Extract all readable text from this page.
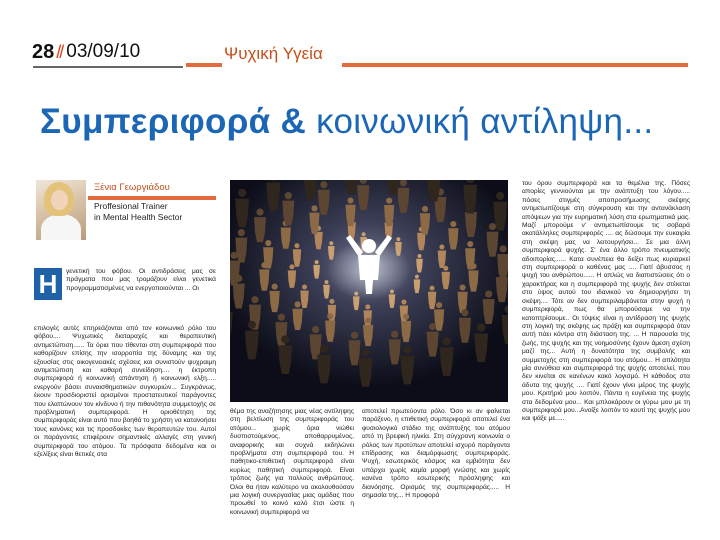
28 // 03/09/10	Ψυχική Υγεία
Συμπεριφορά & κοινωνική αντίληψη...
Ξένια Γεωργιάδου
Proffesional Trainer
in Mental Health Sector
Η	γενετική του φόβου. Οι αντιδράσεις μας σε πράγματα που μας τρομάζουν είναι γενετικά προγραμματισμένες να ενεργοποιούνται ... Οι

επιλογές αυτές επηρεάζονται από τον κοινωνικό ρόλο του φόβου.... Ψυχωτικές διαταραχές και θεραπευτική αντιμετώπιση...... Τα όρια που τίθενται στη συμπεριφορά που καθορίζουν επίσης την ισορροπία της δύναμης και της εξουσίας στις οικογενειακές σχέσεις και συνιστούν ψυχραιμη αντιμετώπιση και καθαρή συνείδηση.... η έκτροπη συμπεριφορά ή κοινωνική απάντηση ή κοινωνική ελξη..... ενεργούν βάσει συναισθηματικών συγκυριών... Συγκράνως, έκουν προσδιοριστεί ορισμένοι προστατευτικοί παράγοντες που ελαττώνουν τον κίνδυνο ή την πιθανότητα συμμετοχής σε προβληματική συμπεριφορά. Η οριοθέτηση της συμπεριφοράς είναι αυτό που βοηθά το χρήστη να κατανοήσει τους κανόνες και τις προσδοκίες των θεραπευτών του. Αυτοί οι παράγοντες επιφέρουν σημαντικές αλλαγές στη γενική συμπεριφορά του ατόμου. Τα πρόσφατα δεδομένα και οι εξελίξεις είναι θετικές στα

θέμα της αναζήτησης μιας νέας αντίληψης στη βελτίωση της συμπεριφοράς του ατόμου... χωρίς όρια νιώθει δυσπιστούμενος, αποθαρρυμένος, αναφορικής και συχνά εκδηλώνει προβλήματα στη συμπεριφορά του. Η παθητικο-επιθετική συμπεριφορά είναι κυρίως παθητική συμπεριφορά. Είναι τρόπος ζωής για πολλούς ανθρώπους. Όλοι θα ήταν καλύτερο να ακολουθούσαν μια λογική συνεργασίας μιας ομάδας που προωθεί το κοινό καλό έτσι ώστε η κοινωνική συμπεριφορά να

αποτελεί πρωτεύοντα ρόλο. Όσο κι αν φαίνεται παράξενο, η επιθετική συμπεριφορά αποτελεί ένα φυσιολογικό στάδιο της ανάπτυξης του ατόμου από τη βρεφική ηλικία. Στη σύγχρονη κοινωνία ο ρόλος των προτύπων αποτελεί ισχυρό παράγοντα επίδρασης και διαμόρφωσης συμπεριφοράς. Ψυχή, εσωτερικός κόσμος και εμβιότητα δεν υπάρχει χωρίς καμία μορφή γνώσης και χωρίς κανένα τρόπο εσωτερικής πρόσληψης και διανόησης. Ορισμός της συμπεριφοράς..... Η σημασία της... Η προφορά

του όρου συμπεριφορά και τα θεμέλια της. Πόσες απορίες γεννιούνται με την ανάπτυξη του λόγου..... πόσες στιγμές αποπροσήμωσης σκέψης αντιμετωπίζουμε στη σύγκρουση και την αντανάκλαση απόψεων για την ευρηματική λύση στα ερωτηματικά μας. Μαζί μπορούμε ν' αντιμετωπίσουμε τις σοβαρά ακατάλληλες συμπεριφορές .... ας δώσουμε την ευκαιρία στη σκέψη μας να λειτουργήσει... Σε μια άλλη συμπεριφορά ψυχής. Σ' ένα άλλο τρόπο πνευματικής αδοιπορίας...... Κατα συνέπεια θα δείξει πως κυριαρκεί στη συμπεριφορά ο καθένας μας .... Γιατί άβυσσος η ψυχή του ανθρώπου...... Η απλώς να διαπιστώσεις ότι ο χαρακτήρας και η συμπεριφορά της ψυχής δεν στέκεται στο ύψος αυτού του ιδανικού να δημιουργήσει τη σκέψη.... Τότε αν δεν συμπεριλαμβάνεται στην ψυχή η συμπεριφορά, πως θα μπορούσαμε να την κατοπτρίσουμε.. Οι τύψεις είναι η αντίδραση της ψυχής στη λογική της σκέψης ως πράξη και συμπεριφορά όταν αυτή πάει κόντρα στη διάσταση της. ... Η παρουσία της ζωής, της ψυχής και της νοημοσύνης έχουν άμεση σχέση μαζί της... Αυτή η δυνατότητα της συμβολής και συμμετοχής στη συμπεριφορά του ατόμου... Η απλότητα μία συνύθεια και συμπεριφορά της ψυχής αποτελεί, που δεν κινείται σε κανένων κακό λογισμό. Η κάθοδος στα άδυτα της ψυχής .... Γιατί έχουν γίνει μέρος της ψυχής μου. Κριτήριό μου λοιπόν, Πάντα η ευγένεια της ψυχής στα δεδομένα μου... Και μπλοκάρουν οι γύρω μου με τη συμπεριφορά μου...Ανοίξε λοιπόν το κουτί της ψυχής μου και ψάξε με.....
